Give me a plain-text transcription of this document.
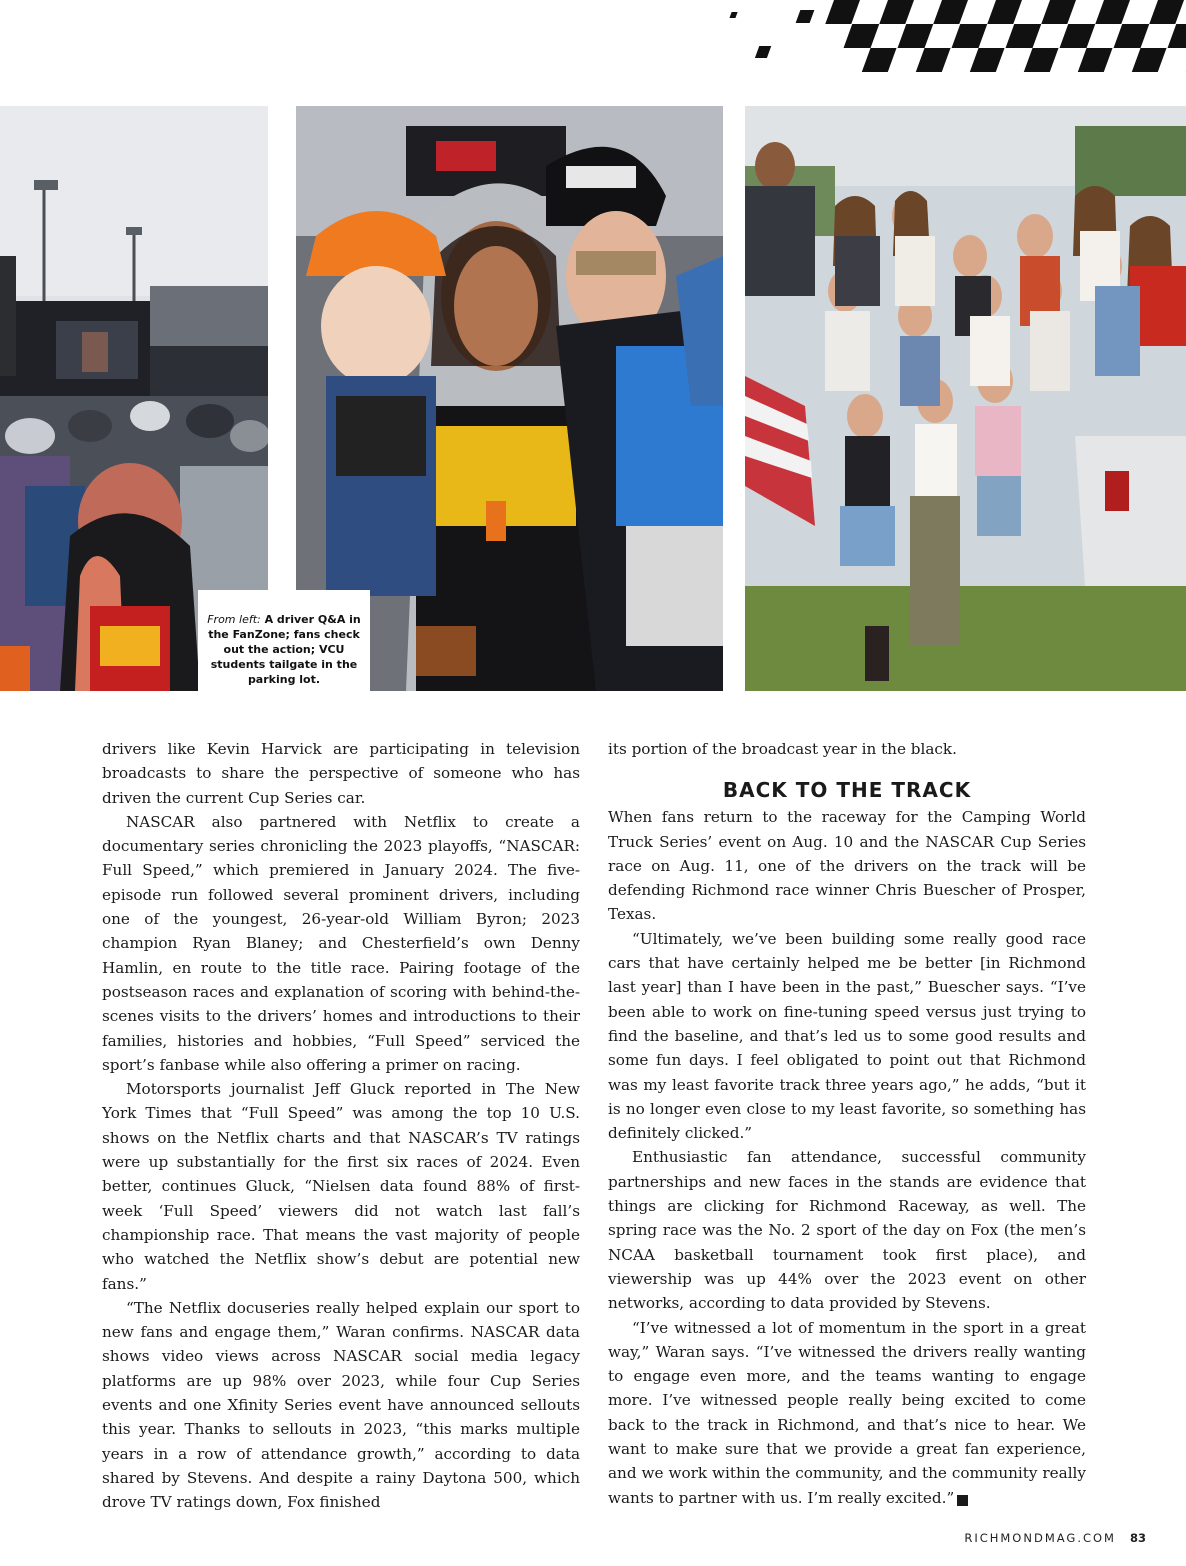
From left: A driver Q&A in the FanZone; fans check out the action; VCU students tailgate in the parking lot.

drivers like Kevin Harvick are participating in television broadcasts to share the perspective of someone who has driven the current Cup Series car.

NASCAR also partnered with Netflix to create a documentary series chronicling the 2023 playoffs, “NASCAR: Full Speed,” which premiered in January 2024. The five-episode run followed several prominent drivers, including one of the youngest, 26-year-old William Byron; 2023 champion Ryan Blaney; and Chesterfield’s own Denny Hamlin, en route to the title race. Pairing footage of the postseason races and explanation of scoring with behind-the-scenes visits to the drivers’ homes and introductions to their families, histories and hobbies, “Full Speed” serviced the sport’s fanbase while also offering a primer on racing.

Motorsports journalist Jeff Gluck reported in The New York Times that “Full Speed” was among the top 10 U.S. shows on the Netflix charts and that NASCAR’s TV ratings were up substantially for the first six races of 2024. Even better, continues Gluck, “Nielsen data found 88% of first-week ‘Full Speed’ viewers did not watch last fall’s championship race. That means the vast majority of people who watched the Netflix show’s debut are potential new fans.”

“The Netflix docuseries really helped explain our sport to new fans and engage them,” Waran confirms. NASCAR data shows video views across NASCAR social media legacy platforms are up 98% over 2023, while four Cup Series events and one Xfinity Series event have announced sellouts this year. Thanks to sellouts in 2023, “this marks multiple years in a row of attendance growth,” according to data shared by Stevens. And despite a rainy Daytona 500, which drove TV ratings down, Fox finished

its portion of the broadcast year in the black.

BACK TO THE TRACK

When fans return to the raceway for the Camping World Truck Series’ event on Aug. 10 and the NASCAR Cup Series race on Aug. 11, one of the drivers on the track will be defending Richmond race winner Chris Buescher of Prosper, Texas.

“Ultimately, we’ve been building some really good race cars that have certainly helped me be better [in Richmond last year] than I have been in the past,” Buescher says. “I’ve been able to work on fine-tuning speed versus just trying to find the baseline, and that’s led us to some good results and some fun days. I feel obligated to point out that Richmond was my least favorite track three years ago,” he adds, “but it is no longer even close to my least favorite, so something has definitely clicked.”

Enthusiastic fan attendance, successful community partnerships and new faces in the stands are evidence that things are clicking for Richmond Raceway, as well. The spring race was the No. 2 sport of the day on Fox (the men’s NCAA basketball tournament took first place), and viewership was up 44% over the 2023 event on other networks, according to data provided by Stevens.

“I’ve witnessed a lot of momentum in the sport in a great way,” Waran says. “I’ve witnessed the drivers really wanting to engage even more, and the teams wanting to engage more. I’ve witnessed people really being excited to come back to the track in Richmond, and that’s nice to hear. We want to make sure that we provide a great fan experience, and we work within the community, and the community really wants to partner with us. I’m really excited.”	R

RICHMONDMAG.COM 83
